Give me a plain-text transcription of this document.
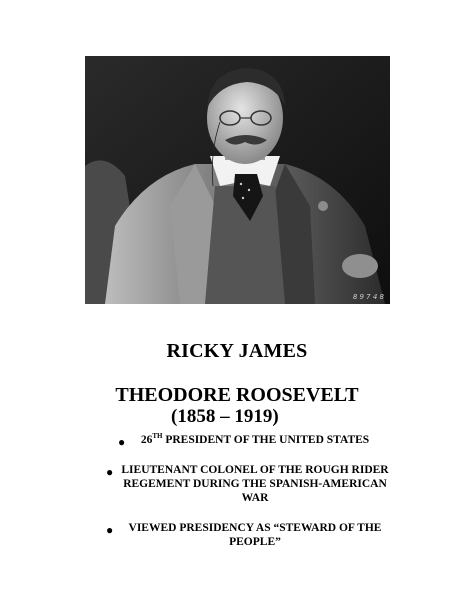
8 9 7 4 8
RICKY JAMES
THEODORE ROOSEVELT
(1858 – 1919)
● 26TH PRESIDENT OF THE UNITED STATES
● LIEUTENANT COLONEL OF THE ROUGH RIDER REGEMENT DURING THE SPANISH-AMERICAN WAR
● VIEWED PRESIDENCY AS “STEWARD OF THE PEOPLE”
